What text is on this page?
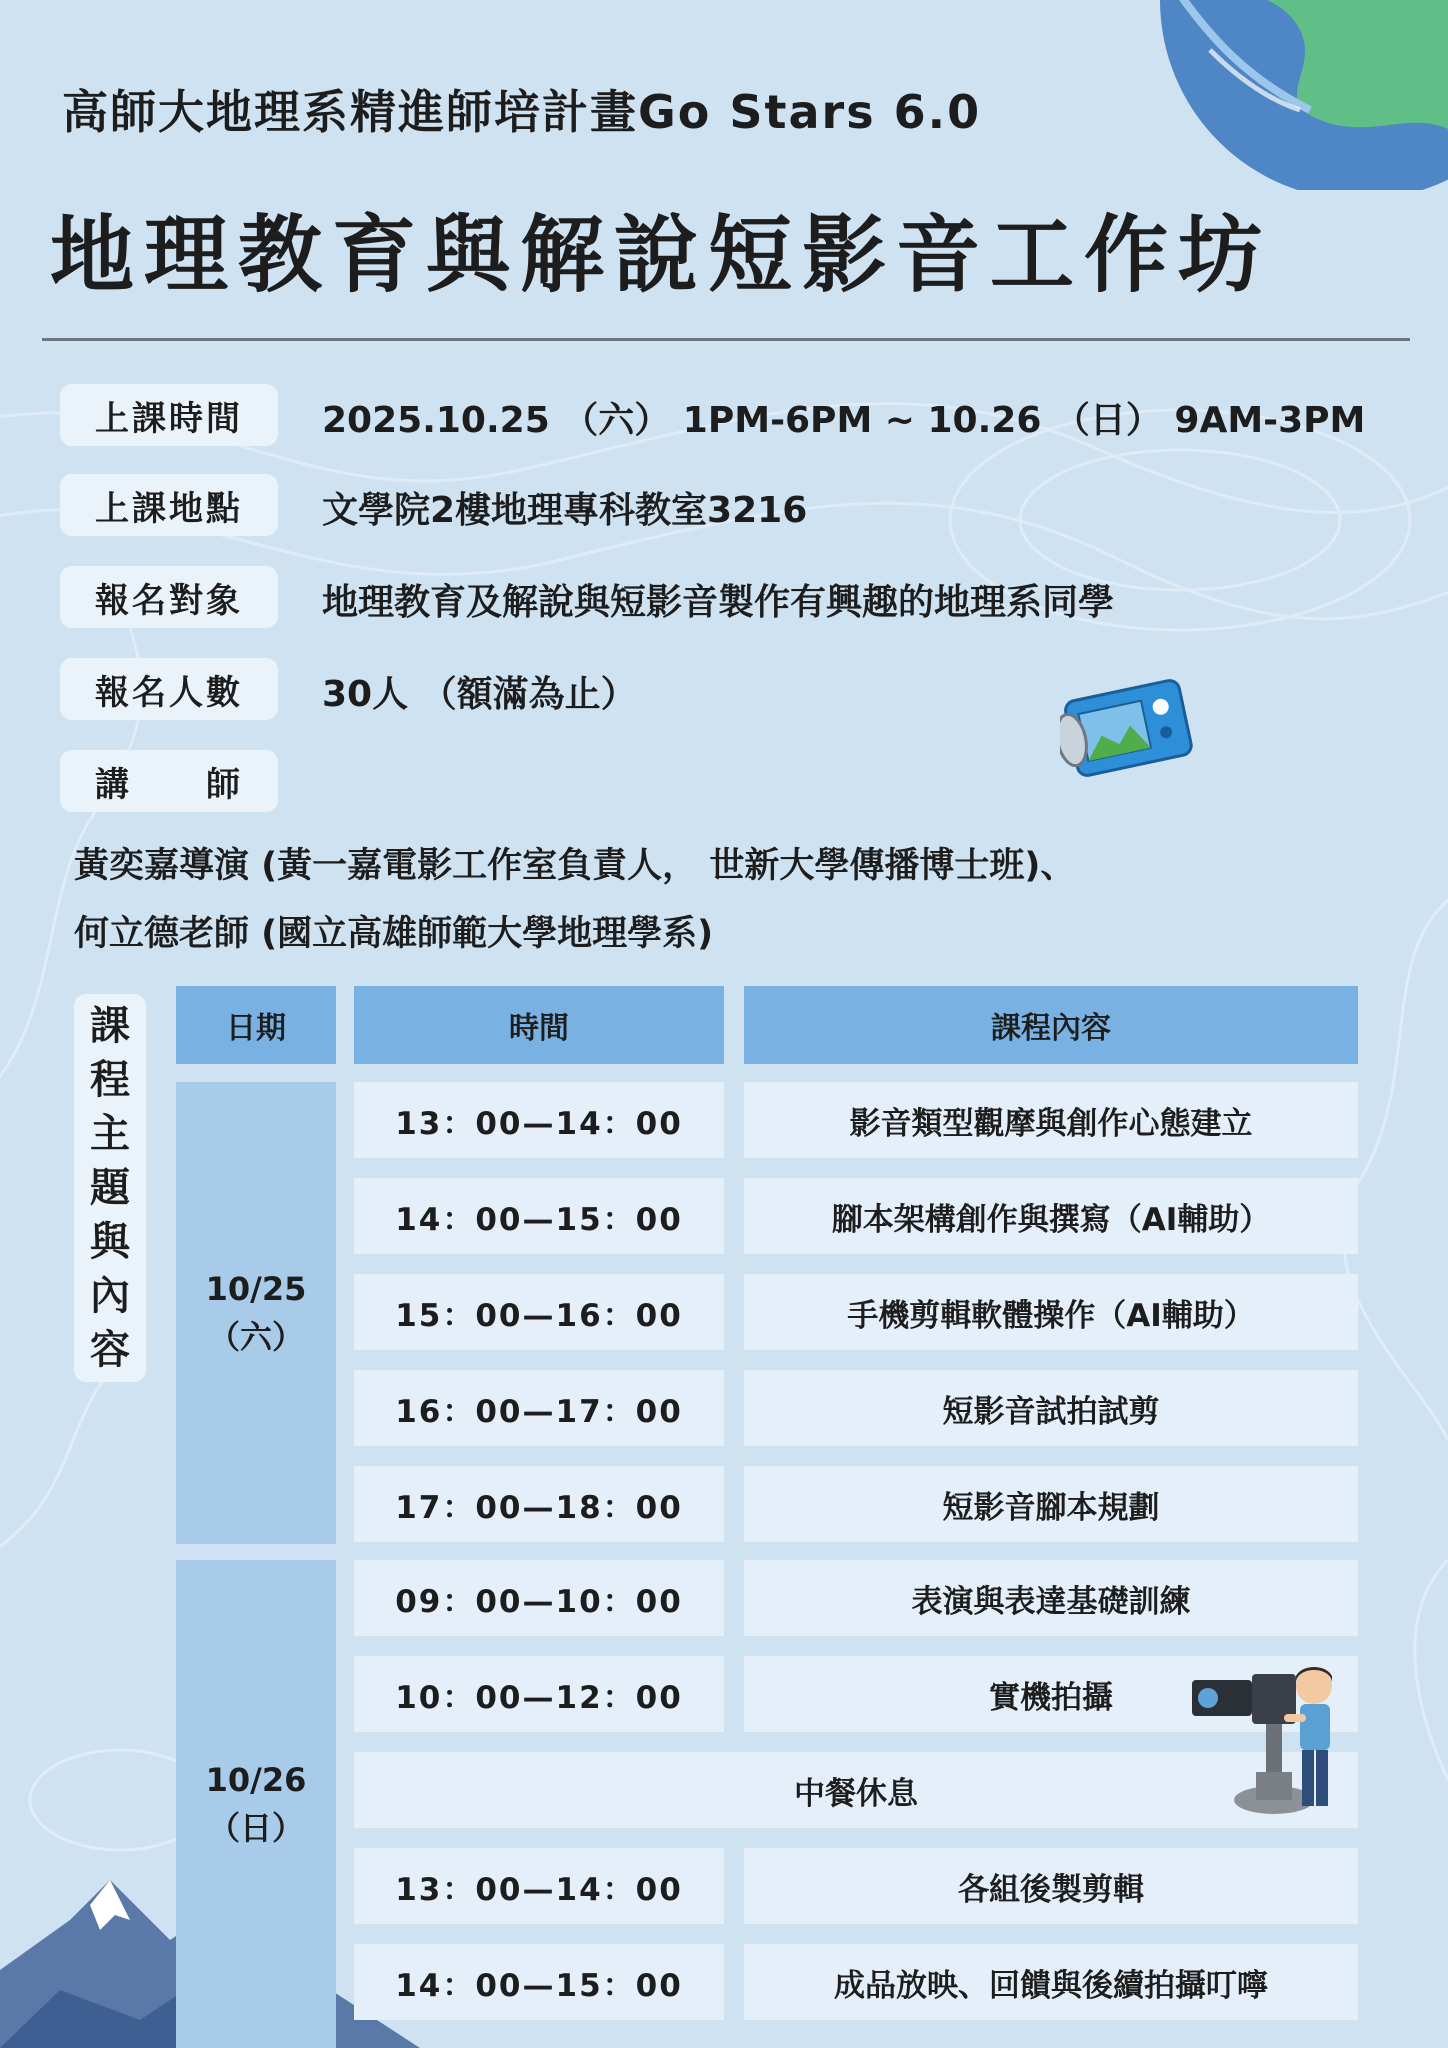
高師大地理系精進師培計畫Go Stars 6.0
地理教育與解說短影音工作坊
上課時間	2025.10.25 （六） 1PM-6PM ~ 10.26 （日） 9AM-3PM
上課地點	文學院2樓地理專科教室3216
報名對象	地理教育及解說與短影音製作有興趣的地理系同學
報名人數	30人 （額滿為止）
講　　師
黃奕嘉導演 (黃一嘉電影工作室負責人， 世新大學傳播博士班)、
何立德老師 (國立高雄師範大學地理學系)
課
程
主
題
與
內
容
日期	時間	課程內容
10/25
（六）
13：00—14：00	影音類型觀摩與創作心態建立
14：00—15：00	腳本架構創作與撰寫（AI輔助）
15：00—16：00	手機剪輯軟體操作（AI輔助）
16：00—17：00	短影音試拍試剪
17：00—18：00	短影音腳本規劃
10/26
（日）
09：00—10：00	表演與表達基礎訓練
10：00—12：00	實機拍攝
中餐休息
13：00—14：00	各組後製剪輯
14：00—15：00	成品放映、回饋與後續拍攝叮嚀
